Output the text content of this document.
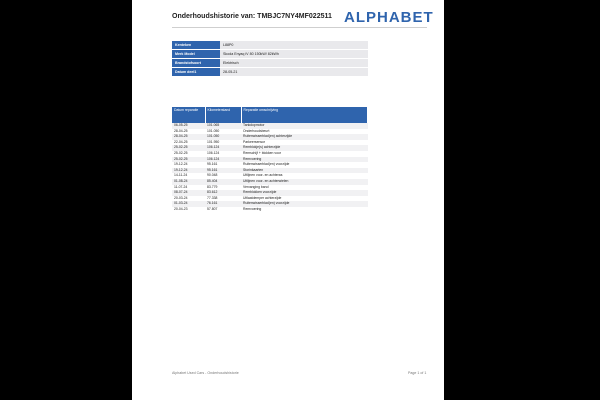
Onderhoudshistorie van: TMBJC7NY4MF022511 ALPHABET
Kenteken	L88P0
Merk Model	Skoda Enyaq iV 80 150kW/ 82kWh
Brandstofsoort	Elektrisch
Datum deel1	28-05-21
Datum reparatie	Kilometerstand	Reparatie omschrijving
06-05-25	101.065	Tankdopmotor
28-04-25	101.050	Onderhoudsbeurt
28-04-25	101.050	Ruitenwisserblad(en) achterzijde
22-04-25	101.950	Parkeersensor
25-02-25	106.124	Remblokje(s) achterzijde
25-02-25	106.124	Remschijf + blokken voor
25-02-25	106.124	Remvoering
19-12-24	95.161	Ruitenwisserblad(en) voorzijde
19-12-24	95.161	Storinkaarten
14-11-24	90.048	Uitlijnen voor- en achteras
01-08-24	85.404	Uitlijnen voor- en achterwielen
11-07-24	83.779	Vervanging band
08-07-24	83.612	Remblokken voorzijde
20-03-24	77.338	Uitlaatdemper achterzijde
01-03-24	76.161	Ruitenwisserblad(en) voorzijde
20-04-23	57.807	Remvoering
Alphabet Used Cars - Onderhoudshistorie	Page 1 of 1
